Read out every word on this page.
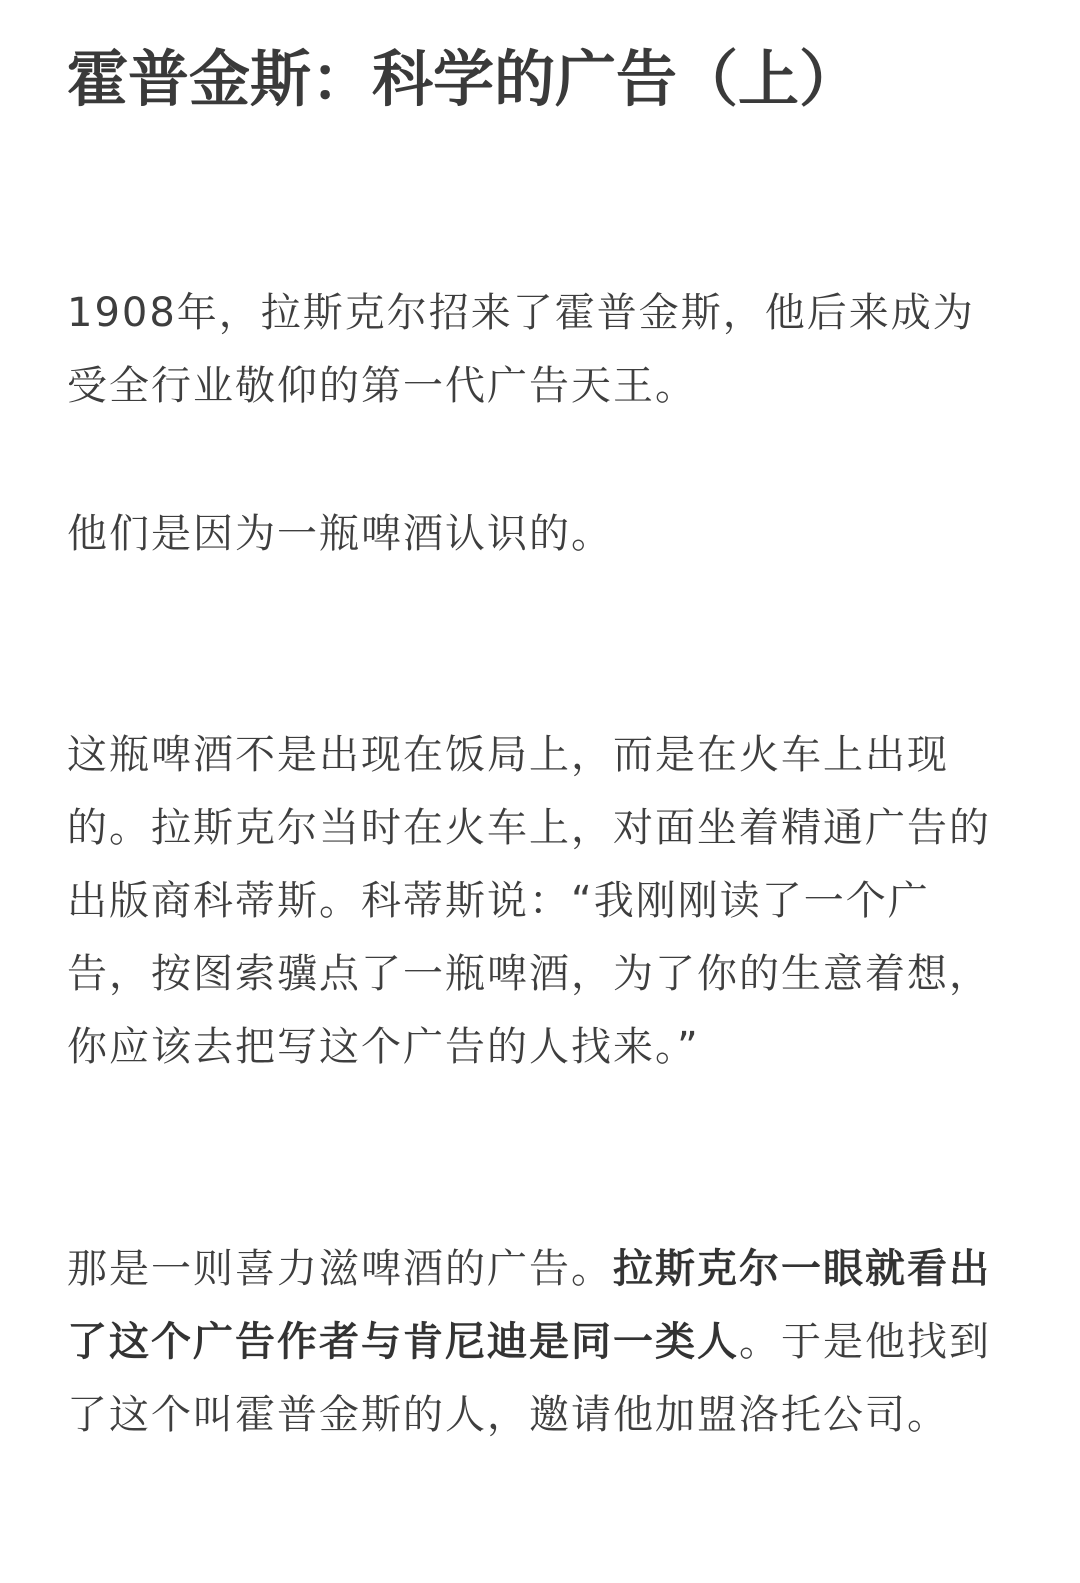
霍普金斯：科学的广告（上）

1908年，拉斯克尔招来了霍普金斯，他后来成为受全行业敬仰的第一代广告天王。

他们是因为一瓶啤酒认识的。

这瓶啤酒不是出现在饭局上，而是在火车上出现的。拉斯克尔当时在火车上，对面坐着精通广告的出版商科蒂斯。科蒂斯说：“我刚刚读了一个广告，按图索骥点了一瓶啤酒，为了你的生意着想，你应该去把写这个广告的人找来。”

那是一则喜力滋啤酒的广告。拉斯克尔一眼就看出了这个广告作者与肯尼迪是同一类人。于是他找到了这个叫霍普金斯的人，邀请他加盟洛托公司。
